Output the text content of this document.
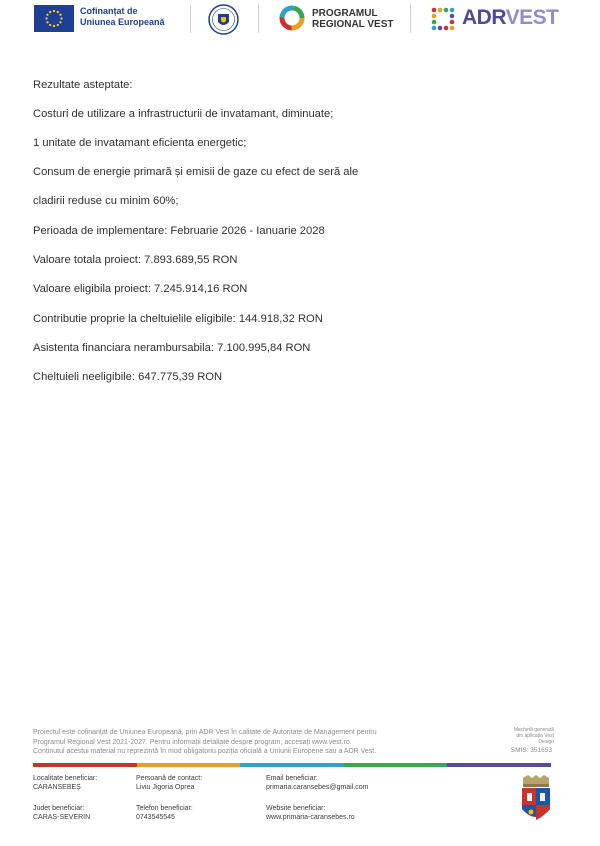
Cofinanțat de
Uniunea Europeană
PROGRAMUL
REGIONAL VEST	ADRVEST
Rezultate asteptate:
Costuri de utilizare a infrastructurii de invatamant, diminuate;
1 unitate de invatamant eficienta energetic;
Consum de energie primară și emisii de gaze cu efect de seră ale
cladirii reduse cu minim 60%;
Perioada de implementare: Februarie 2026 - Ianuarie 2028
Valoare totala proiect: 7.893.689,55 RON
Valoare eligibila proiect: 7.245.914,16 RON
Contributie proprie la cheltuielile eligibile: 144.918,32 RON
Asistenta financiara nerambursabila: 7.100.995,84 RON
Cheltuieli neeligibile: 647.775,39 RON
Proiectul este cofinanțat de Uniunea Europeană, prin ADR Vest în calitate de Autoritate de Management pentru
Programul Regional Vest 2021-2027. Pentru informații detaliate despre program, accesați www.vest.ro.
Conținutul acestui material nu reprezintă în mod obligatoriu poziția oficială a Uniunii Europene sau a ADR Vest.
Machetă generată din aplicația Vest Design
SMIS: 351653
Localitate beneficiar:
CARANSEBEȘ
Judet beneficiar:
CARAȘ-SEVERIN
Persoană de contact:
Liviu Jigoria Oprea
Telefon beneficiar:
0743545545
Email beneficiar:
primaria.caransebes@gmail.com
Website beneficiar:
www.primaria-caransebes.ro
